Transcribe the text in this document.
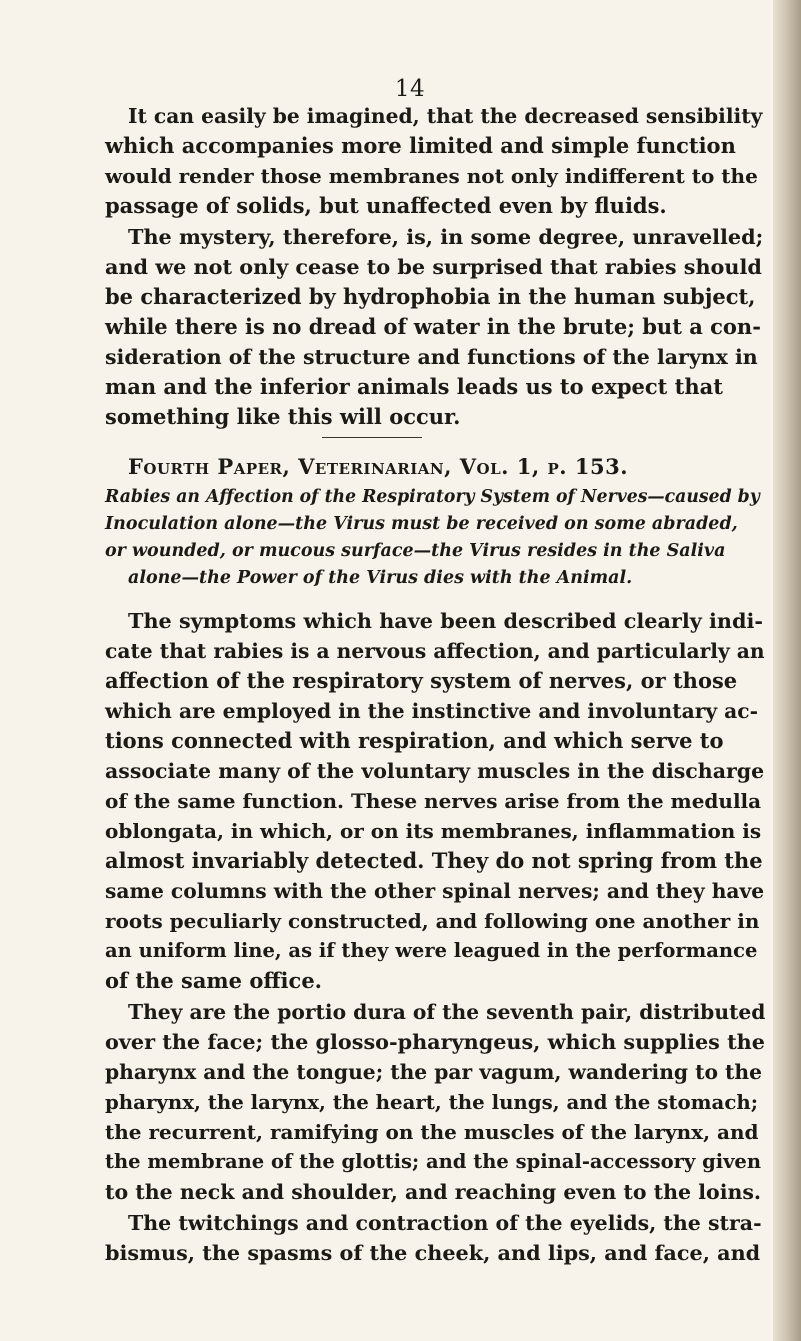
14
It can easily be imagined, that the decreased sensibility
which accompanies more limited and simple function
would render those membranes not only indifferent to the
passage of solids, but unaffected even by fluids.
The mystery, therefore, is, in some degree, unravelled;
and we not only cease to be surprised that rabies should
be characterized by hydrophobia in the human subject,
while there is no dread of water in the brute; but a con-
sideration of the structure and functions of the larynx in
man and the inferior animals leads us to expect that
something like this will occur.
Fourth Paper, Veterinarian, Vol. 1, p. 153.
Rabies an Affection of the Respiratory System of Nerves—caused by
Inoculation alone—the Virus must be received on some abraded,
or wounded, or mucous surface—the Virus resides in the Saliva
alone—the Power of the Virus dies with the Animal.
The symptoms which have been described clearly indi-
cate that rabies is a nervous affection, and particularly an
affection of the respiratory system of nerves, or those
which are employed in the instinctive and involuntary ac-
tions connected with respiration, and which serve to
associate many of the voluntary muscles in the discharge
of the same function. These nerves arise from the medulla
oblongata, in which, or on its membranes, inflammation is
almost invariably detected. They do not spring from the
same columns with the other spinal nerves; and they have
roots peculiarly constructed, and following one another in
an uniform line, as if they were leagued in the performance
of the same office.
They are the portio dura of the seventh pair, distributed
over the face; the glosso-pharyngeus, which supplies the
pharynx and the tongue; the par vagum, wandering to the
pharynx, the larynx, the heart, the lungs, and the stomach;
the recurrent, ramifying on the muscles of the larynx, and
the membrane of the glottis; and the spinal-accessory given
to the neck and shoulder, and reaching even to the loins.
The twitchings and contraction of the eyelids, the stra-
bismus, the spasms of the cheek, and lips, and face, and
